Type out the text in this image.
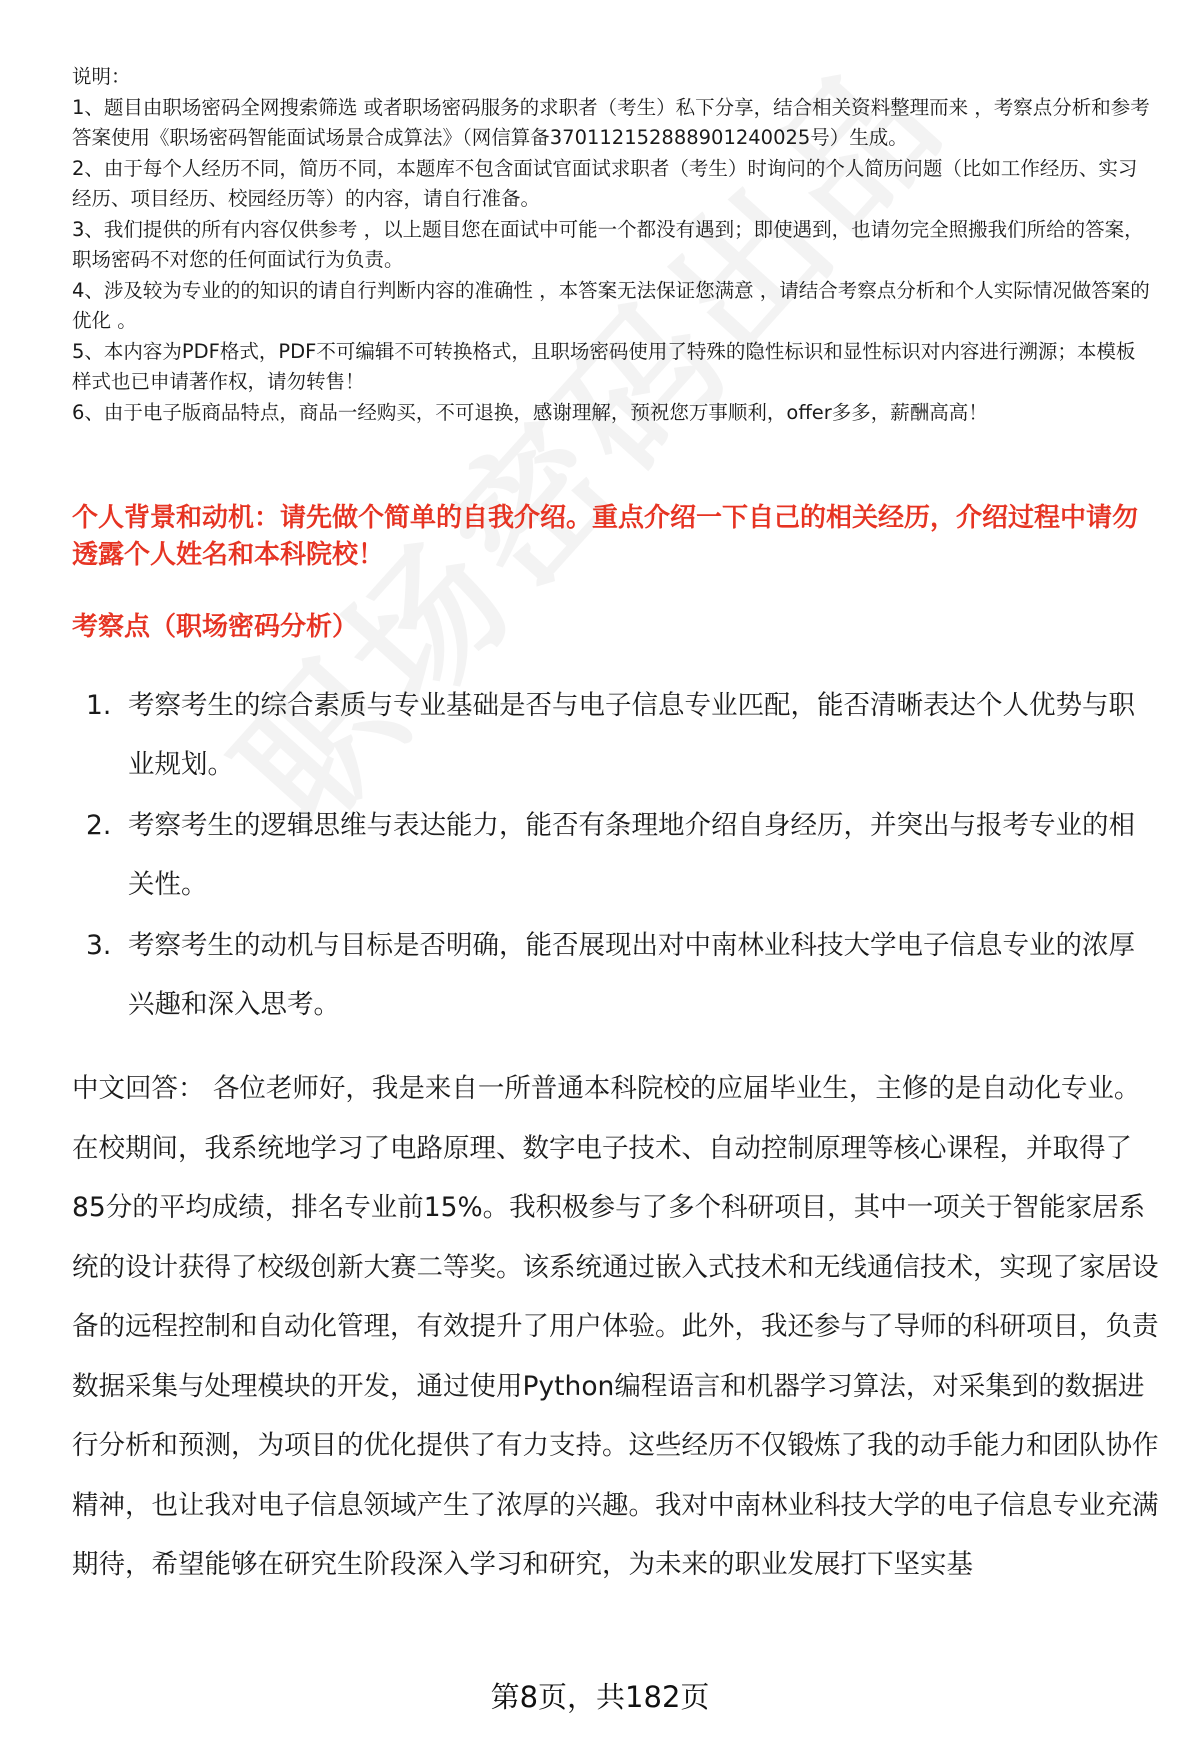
说明：

1、题目由职场密码全网搜索筛选 或者职场密码服务的求职者（考生）私下分享，结合相关资料整理而来 ，考察点分析和参考答案使用《职场密码智能面试场景合成算法》（网信算备370112152888901240025号）生成。

2、由于每个人经历不同，简历不同，本题库不包含面试官面试求职者（考生）时询问的个人简历问题（比如工作经历、实习经历、项目经历、校园经历等）的内容，请自行准备。

3、我们提供的所有内容仅供参考 ，以上题目您在面试中可能一个都没有遇到；即使遇到，也请勿完全照搬我们所给的答案，职场密码不对您的任何面试行为负责。

4、涉及较为专业的的知识的请自行判断内容的准确性 ，本答案无法保证您满意 ，请结合考察点分析和个人实际情况做答案的优化 。

5、本内容为PDF格式，PDF不可编辑不可转换格式，且职场密码使用了特殊的隐性标识和显性标识对内容进行溯源；本模板样式也已申请著作权，请勿转售！

6、由于电子版商品特点，商品一经购买，不可退换，感谢理解，预祝您万事顺利，offer多多，薪酬高高！

个人背景和动机：请先做个简单的自我介绍。重点介绍一下自己的相关经历，介绍过程中请勿透露个人姓名和本科院校！

考察点（职场密码分析）

1. 考察考生的综合素质与专业基础是否与电子信息专业匹配，能否清晰表达个人优势与职业规划。
2. 考察考生的逻辑思维与表达能力，能否有条理地介绍自身经历，并突出与报考专业的相关性。
3. 考察考生的动机与目标是否明确，能否展现出对中南林业科技大学电子信息专业的浓厚兴趣和深入思考。

中文回答： 各位老师好，我是来自一所普通本科院校的应届毕业生，主修的是自动化专业。在校期间，我系统地学习了电路原理、数字电子技术、自动控制原理等核心课程，并取得了85分的平均成绩，排名专业前15%。我积极参与了多个科研项目，其中一项关于智能家居系统的设计获得了校级创新大赛二等奖。该系统通过嵌入式技术和无线通信技术，实现了家居设备的远程控制和自动化管理，有效提升了用户体验。此外，我还参与了导师的科研项目，负责数据采集与处理模块的开发，通过使用Python编程语言和机器学习算法，对采集到的数据进行分析和预测，为项目的优化提供了有力支持。这些经历不仅锻炼了我的动手能力和团队协作精神，也让我对电子信息领域产生了浓厚的兴趣。我对中南林业科技大学的电子信息专业充满期待，希望能够在研究生阶段深入学习和研究，为未来的职业发展打下坚实基

第8页，共182页
